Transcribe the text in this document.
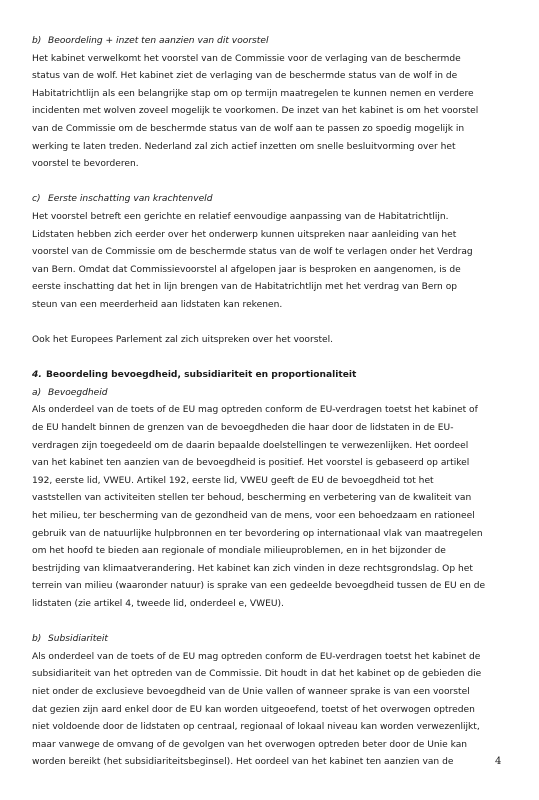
b) Beoordeling + inzet ten aanzien van dit voorstel
Het kabinet verwelkomt het voorstel van de Commissie voor de verlaging van de beschermde
status van de wolf. Het kabinet ziet de verlaging van de beschermde status van de wolf in de
Habitatrichtlijn als een belangrijke stap om op termijn maatregelen te kunnen nemen en verdere
incidenten met wolven zoveel mogelijk te voorkomen. De inzet van het kabinet is om het voorstel
van de Commissie om de beschermde status van de wolf aan te passen zo spoedig mogelijk in
werking te laten treden. Nederland zal zich actief inzetten om snelle besluitvorming over het
voorstel te bevorderen.
c) Eerste inschatting van krachtenveld
Het voorstel betreft een gerichte en relatief eenvoudige aanpassing van de Habitatrichtlijn.
Lidstaten hebben zich eerder over het onderwerp kunnen uitspreken naar aanleiding van het
voorstel van de Commissie om de beschermde status van de wolf te verlagen onder het Verdrag
van Bern. Omdat dat Commissievoorstel al afgelopen jaar is besproken en aangenomen, is de
eerste inschatting dat het in lijn brengen van de Habitatrichtlijn met het verdrag van Bern op
steun van een meerderheid aan lidstaten kan rekenen.
Ook het Europees Parlement zal zich uitspreken over het voorstel.
4. Beoordeling bevoegdheid, subsidiariteit en proportionaliteit
a) Bevoegdheid
Als onderdeel van de toets of de EU mag optreden conform de EU-verdragen toetst het kabinet of
de EU handelt binnen de grenzen van de bevoegdheden die haar door de lidstaten in de EU-
verdragen zijn toegedeeld om de daarin bepaalde doelstellingen te verwezenlijken. Het oordeel
van het kabinet ten aanzien van de bevoegdheid is positief. Het voorstel is gebaseerd op artikel
192, eerste lid, VWEU. Artikel 192, eerste lid, VWEU geeft de EU de bevoegdheid tot het
vaststellen van activiteiten stellen ter behoud, bescherming en verbetering van de kwaliteit van
het milieu, ter bescherming van de gezondheid van de mens, voor een behoedzaam en rationeel
gebruik van de natuurlijke hulpbronnen en ter bevordering op internationaal vlak van maatregelen
om het hoofd te bieden aan regionale of mondiale milieuproblemen, en in het bijzonder de
bestrijding van klimaatverandering. Het kabinet kan zich vinden in deze rechtsgrondslag. Op het
terrein van milieu (waaronder natuur) is sprake van een gedeelde bevoegdheid tussen de EU en de
lidstaten (zie artikel 4, tweede lid, onderdeel e, VWEU).
b) Subsidiariteit
Als onderdeel van de toets of de EU mag optreden conform de EU-verdragen toetst het kabinet de
subsidiariteit van het optreden van de Commissie. Dit houdt in dat het kabinet op de gebieden die
niet onder de exclusieve bevoegdheid van de Unie vallen of wanneer sprake is van een voorstel
dat gezien zijn aard enkel door de EU kan worden uitgeoefend, toetst of het overwogen optreden
niet voldoende door de lidstaten op centraal, regionaal of lokaal niveau kan worden verwezenlijkt,
maar vanwege de omvang of de gevolgen van het overwogen optreden beter door de Unie kan
worden bereikt (het subsidiariteitsbeginsel). Het oordeel van het kabinet ten aanzien van de	4
